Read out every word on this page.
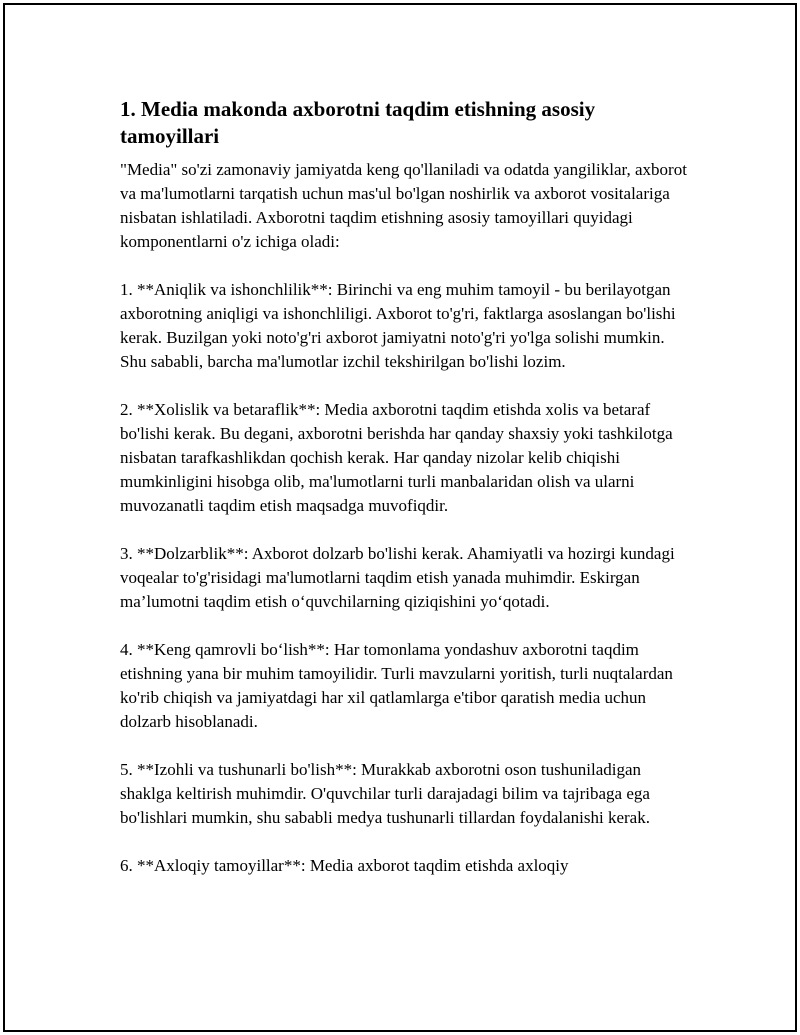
1. Media makonda axborotni taqdim etishning asosiy tamoyillari

"Media" so'zi zamonaviy jamiyatda keng qo'llaniladi va odatda yangiliklar, axborot va ma'lumotlarni tarqatish uchun mas'ul bo'lgan noshirlik va axborot vositalariga nisbatan ishlatiladi. Axborotni taqdim etishning asosiy tamoyillari quyidagi komponentlarni o'z ichiga oladi:

1. **Aniqlik va ishonchlilik**: Birinchi va eng muhim tamoyil - bu berilayotgan axborotning aniqligi va ishonchliligi. Axborot to'g'ri, faktlarga asoslangan bo'lishi kerak. Buzilgan yoki noto'g'ri axborot jamiyatni noto'g'ri yo'lga solishi mumkin. Shu sababli, barcha ma'lumotlar izchil tekshirilgan bo'lishi lozim.

2. **Xolislik va betaraflik**: Media axborotni taqdim etishda xolis va betaraf bo'lishi kerak. Bu degani, axborotni berishda har qanday shaxsiy yoki tashkilotga nisbatan tarafkashlikdan qochish kerak. Har qanday nizolar kelib chiqishi mumkinligini hisobga olib, ma'lumotlarni turli manbalaridan olish va ularni muvozanatli taqdim etish maqsadga muvofiqdir.

3. **Dolzarblik**: Axborot dolzarb bo'lishi kerak. Ahamiyatli va hozirgi kundagi voqealar to'g'risidagi ma'lumotlarni taqdim etish yanada muhimdir. Eskirgan ma’lumotni taqdim etish o‘quvchilarning qiziqishini yo‘qotadi.

4. **Keng qamrovli bo‘lish**: Har tomonlama yondashuv axborotni taqdim etishning yana bir muhim tamoyilidir. Turli mavzularni yoritish, turli nuqtalardan ko'rib chiqish va jamiyatdagi har xil qatlamlarga e'tibor qaratish media uchun dolzarb hisoblanadi.

5. **Izohli va tushunarli bo'lish**: Murakkab axborotni oson tushuniladigan shaklga keltirish muhimdir. O'quvchilar turli darajadagi bilim va tajribaga ega bo'lishlari mumkin, shu sababli medya tushunarli tillardan foydalanishi kerak.

6. **Axloqiy tamoyillar**: Media axborot taqdim etishda axloqiy
